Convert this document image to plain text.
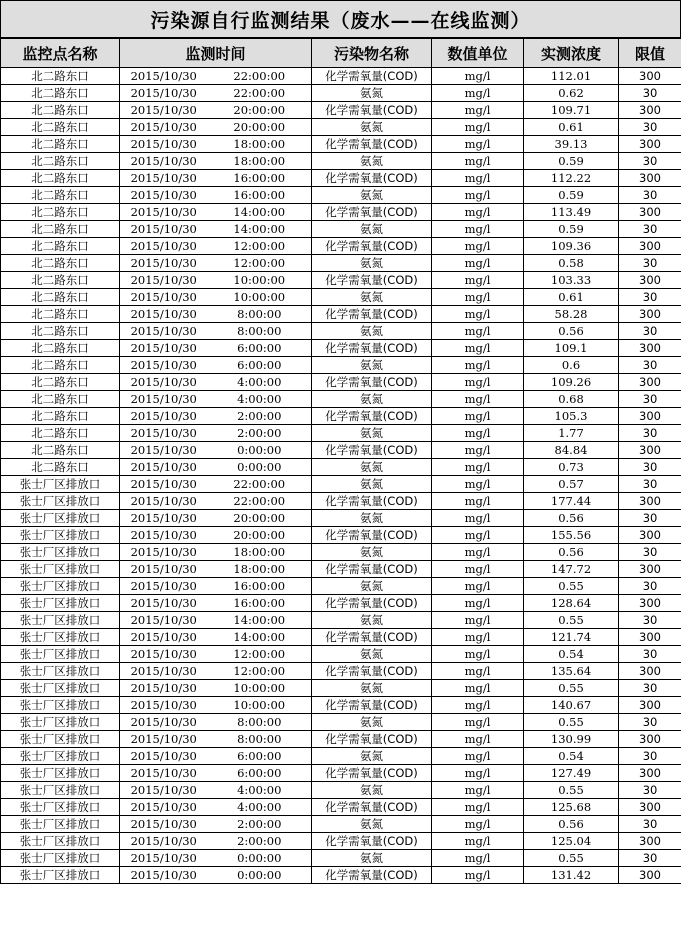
污染源自行监测结果（废水——在线监测）
监控点名称	监测时间		污染物名称	数值单位	实测浓度	限值
北二路东口	2015/10/30	22:00:00	化学需氧量(COD)	mg/l	112.01	300
北二路东口	2015/10/30	22:00:00	氨氮	mg/l	0.62	30
北二路东口	2015/10/30	20:00:00	化学需氧量(COD)	mg/l	109.71	300
北二路东口	2015/10/30	20:00:00	氨氮	mg/l	0.61	30
北二路东口	2015/10/30	18:00:00	化学需氧量(COD)	mg/l	39.13	300
北二路东口	2015/10/30	18:00:00	氨氮	mg/l	0.59	30
北二路东口	2015/10/30	16:00:00	化学需氧量(COD)	mg/l	112.22	300
北二路东口	2015/10/30	16:00:00	氨氮	mg/l	0.59	30
北二路东口	2015/10/30	14:00:00	化学需氧量(COD)	mg/l	113.49	300
北二路东口	2015/10/30	14:00:00	氨氮	mg/l	0.59	30
北二路东口	2015/10/30	12:00:00	化学需氧量(COD)	mg/l	109.36	300
北二路东口	2015/10/30	12:00:00	氨氮	mg/l	0.58	30
北二路东口	2015/10/30	10:00:00	化学需氧量(COD)	mg/l	103.33	300
北二路东口	2015/10/30	10:00:00	氨氮	mg/l	0.61	30
北二路东口	2015/10/30	8:00:00	化学需氧量(COD)	mg/l	58.28	300
北二路东口	2015/10/30	8:00:00	氨氮	mg/l	0.56	30
北二路东口	2015/10/30	6:00:00	化学需氧量(COD)	mg/l	109.1	300
北二路东口	2015/10/30	6:00:00	氨氮	mg/l	0.6	30
北二路东口	2015/10/30	4:00:00	化学需氧量(COD)	mg/l	109.26	300
北二路东口	2015/10/30	4:00:00	氨氮	mg/l	0.68	30
北二路东口	2015/10/30	2:00:00	化学需氧量(COD)	mg/l	105.3	300
北二路东口	2015/10/30	2:00:00	氨氮	mg/l	1.77	30
北二路东口	2015/10/30	0:00:00	化学需氧量(COD)	mg/l	84.84	300
北二路东口	2015/10/30	0:00:00	氨氮	mg/l	0.73	30
张士厂区排放口	2015/10/30	22:00:00	氨氮	mg/l	0.57	30
张士厂区排放口	2015/10/30	22:00:00	化学需氧量(COD)	mg/l	177.44	300
张士厂区排放口	2015/10/30	20:00:00	氨氮	mg/l	0.56	30
张士厂区排放口	2015/10/30	20:00:00	化学需氧量(COD)	mg/l	155.56	300
张士厂区排放口	2015/10/30	18:00:00	氨氮	mg/l	0.56	30
张士厂区排放口	2015/10/30	18:00:00	化学需氧量(COD)	mg/l	147.72	300
张士厂区排放口	2015/10/30	16:00:00	氨氮	mg/l	0.55	30
张士厂区排放口	2015/10/30	16:00:00	化学需氧量(COD)	mg/l	128.64	300
张士厂区排放口	2015/10/30	14:00:00	氨氮	mg/l	0.55	30
张士厂区排放口	2015/10/30	14:00:00	化学需氧量(COD)	mg/l	121.74	300
张士厂区排放口	2015/10/30	12:00:00	氨氮	mg/l	0.54	30
张士厂区排放口	2015/10/30	12:00:00	化学需氧量(COD)	mg/l	135.64	300
张士厂区排放口	2015/10/30	10:00:00	氨氮	mg/l	0.55	30
张士厂区排放口	2015/10/30	10:00:00	化学需氧量(COD)	mg/l	140.67	300
张士厂区排放口	2015/10/30	8:00:00	氨氮	mg/l	0.55	30
张士厂区排放口	2015/10/30	8:00:00	化学需氧量(COD)	mg/l	130.99	300
张士厂区排放口	2015/10/30	6:00:00	氨氮	mg/l	0.54	30
张士厂区排放口	2015/10/30	6:00:00	化学需氧量(COD)	mg/l	127.49	300
张士厂区排放口	2015/10/30	4:00:00	氨氮	mg/l	0.55	30
张士厂区排放口	2015/10/30	4:00:00	化学需氧量(COD)	mg/l	125.68	300
张士厂区排放口	2015/10/30	2:00:00	氨氮	mg/l	0.56	30
张士厂区排放口	2015/10/30	2:00:00	化学需氧量(COD)	mg/l	125.04	300
张士厂区排放口	2015/10/30	0:00:00	氨氮	mg/l	0.55	30
张士厂区排放口	2015/10/30	0:00:00	化学需氧量(COD)	mg/l	131.42	300
